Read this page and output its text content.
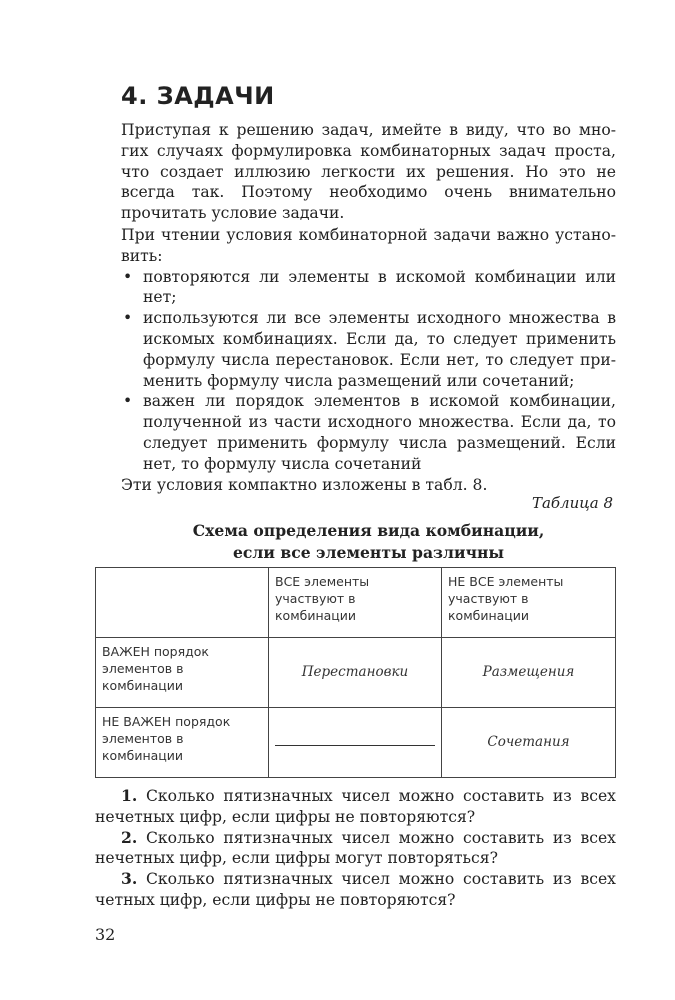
4. ЗАДАЧИ

Приступая к решению задач, имейте в виду, что во мно- гих случаях формулировка комбинаторных задач проста, что создает иллюзию легкости их решения. Но это не всегда так. Поэтому необходимо очень внимательно прочитать условие задачи.

При чтении условия комбинаторной задачи важно устано-вить:

• повторяются ли элементы в искомой комбинации или нет;
• используются ли все элементы исходного множества в искомых комбинациях. Если да, то следует применить формулу числа перестановок. Если нет, то следует при-менить формулу числа размещений или сочетаний;
• важен ли порядок элементов в искомой комбинации, полученной из части исходного множества. Если да, то следует применить формулу числа размещений. Если нет, то формулу числа сочетаний

Эти условия компактно изложены в табл. 8.

Таблица 8
Схема определения вида комбинации,
если все элементы различны
	ВСЕ элементы участвуют в комбинации	НЕ ВСЕ элементы участвуют в комбинации
ВАЖЕН порядок элементов в комбинации	Перестановки	Размещения
НЕ ВАЖЕН порядок элементов в комбинации		Сочетания

1. Сколько пятизначных чисел можно составить из всех нечетных цифр, если цифры не повторяются?

2. Сколько пятизначных чисел можно составить из всех нечетных цифр, если цифры могут повторяться?

3. Сколько пятизначных чисел можно составить из всех четных цифр, если цифры не повторяются?

32
